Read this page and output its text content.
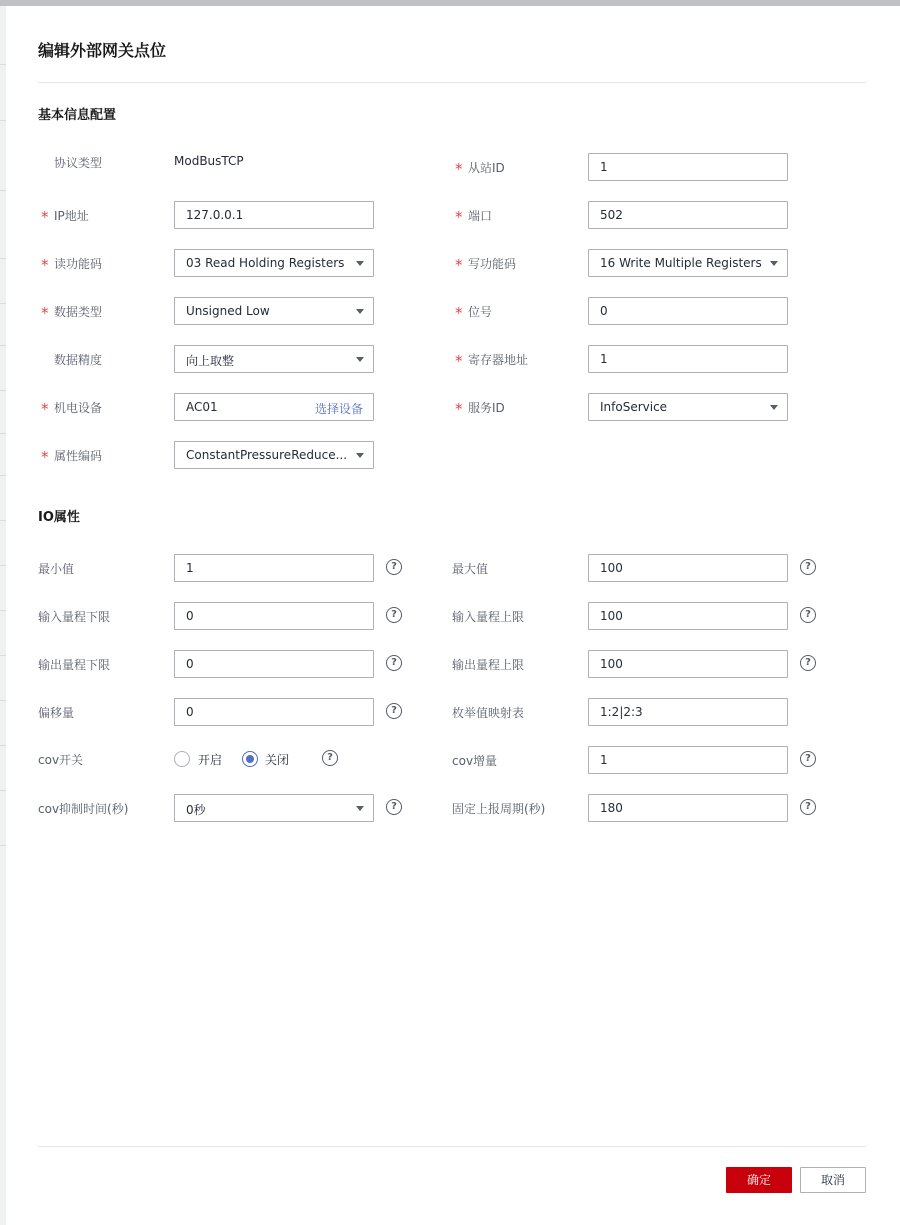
编辑外部网关点位
基本信息配置
协议类型	ModBusTCP	* 从站ID	1
* IP地址	127.0.0.1	* 端口	502
* 读功能码	03 Read Holding Registers	* 写功能码	16 Write Multiple Registers
* 数据类型	Unsigned Low	* 位号	0
数据精度	向上取整	* 寄存器地址	1
* 机电设备	AC01	选择设备	* 服务ID	InfoService
* 属性编码	ConstantPressureReduce...
IO属性
最小值	1	?	最大值	100	?
输入量程下限	0	?	输入量程上限	100	?
输出量程下限	0	?	输出量程上限	100	?
偏移量	0	?	枚举值映射表	1:2|2:3
cov开关	开启	关闭	?	cov增量	1	?
cov抑制时间(秒)	0秒	?	固定上报周期(秒)	180	?
确定	取消
